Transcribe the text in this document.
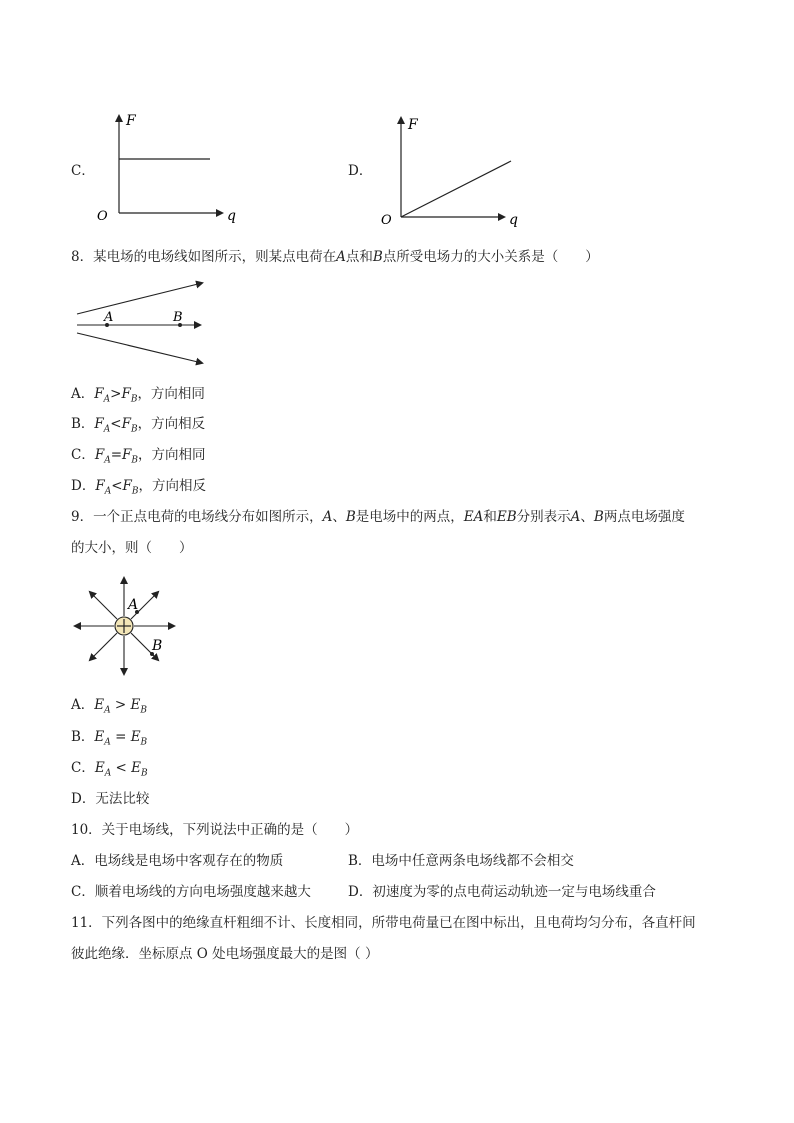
C．
F
q
O
D．
F
q
O
8．某电场的电场线如图所示，则某点电荷在A点和B点所受电场力的大小关系是（　　）
A	B
A．$F_A>F_B$，方向相同
B．$F_A<F_B$，方向相反
C．$F_A=F_B$，方向相同
D．$F_A<F_B$，方向相反
9．一个正点电荷的电场线分布如图所示，A、B是电场中的两点，EA和EB分别表示A、B两点电场强度
的大小，则（　　）
A
B
A．$E_A > E_B$
B．$E_A = E_B$
C．$E_A < E_B$
D．无法比较
10．关于电场线，下列说法中正确的是（　　）
A．电场线是电场中客观存在的物质	B．电场中任意两条电场线都不会相交
C．顺着电场线的方向电场强度越来越大	D．初速度为零的点电荷运动轨迹一定与电场线重合
11．下列各图中的绝缘直杆粗细不计、长度相同，所带电荷量已在图中标出，且电荷均匀分布，各直杆间
彼此绝缘．坐标原点 O 处电场强度最大的是图（ ）
